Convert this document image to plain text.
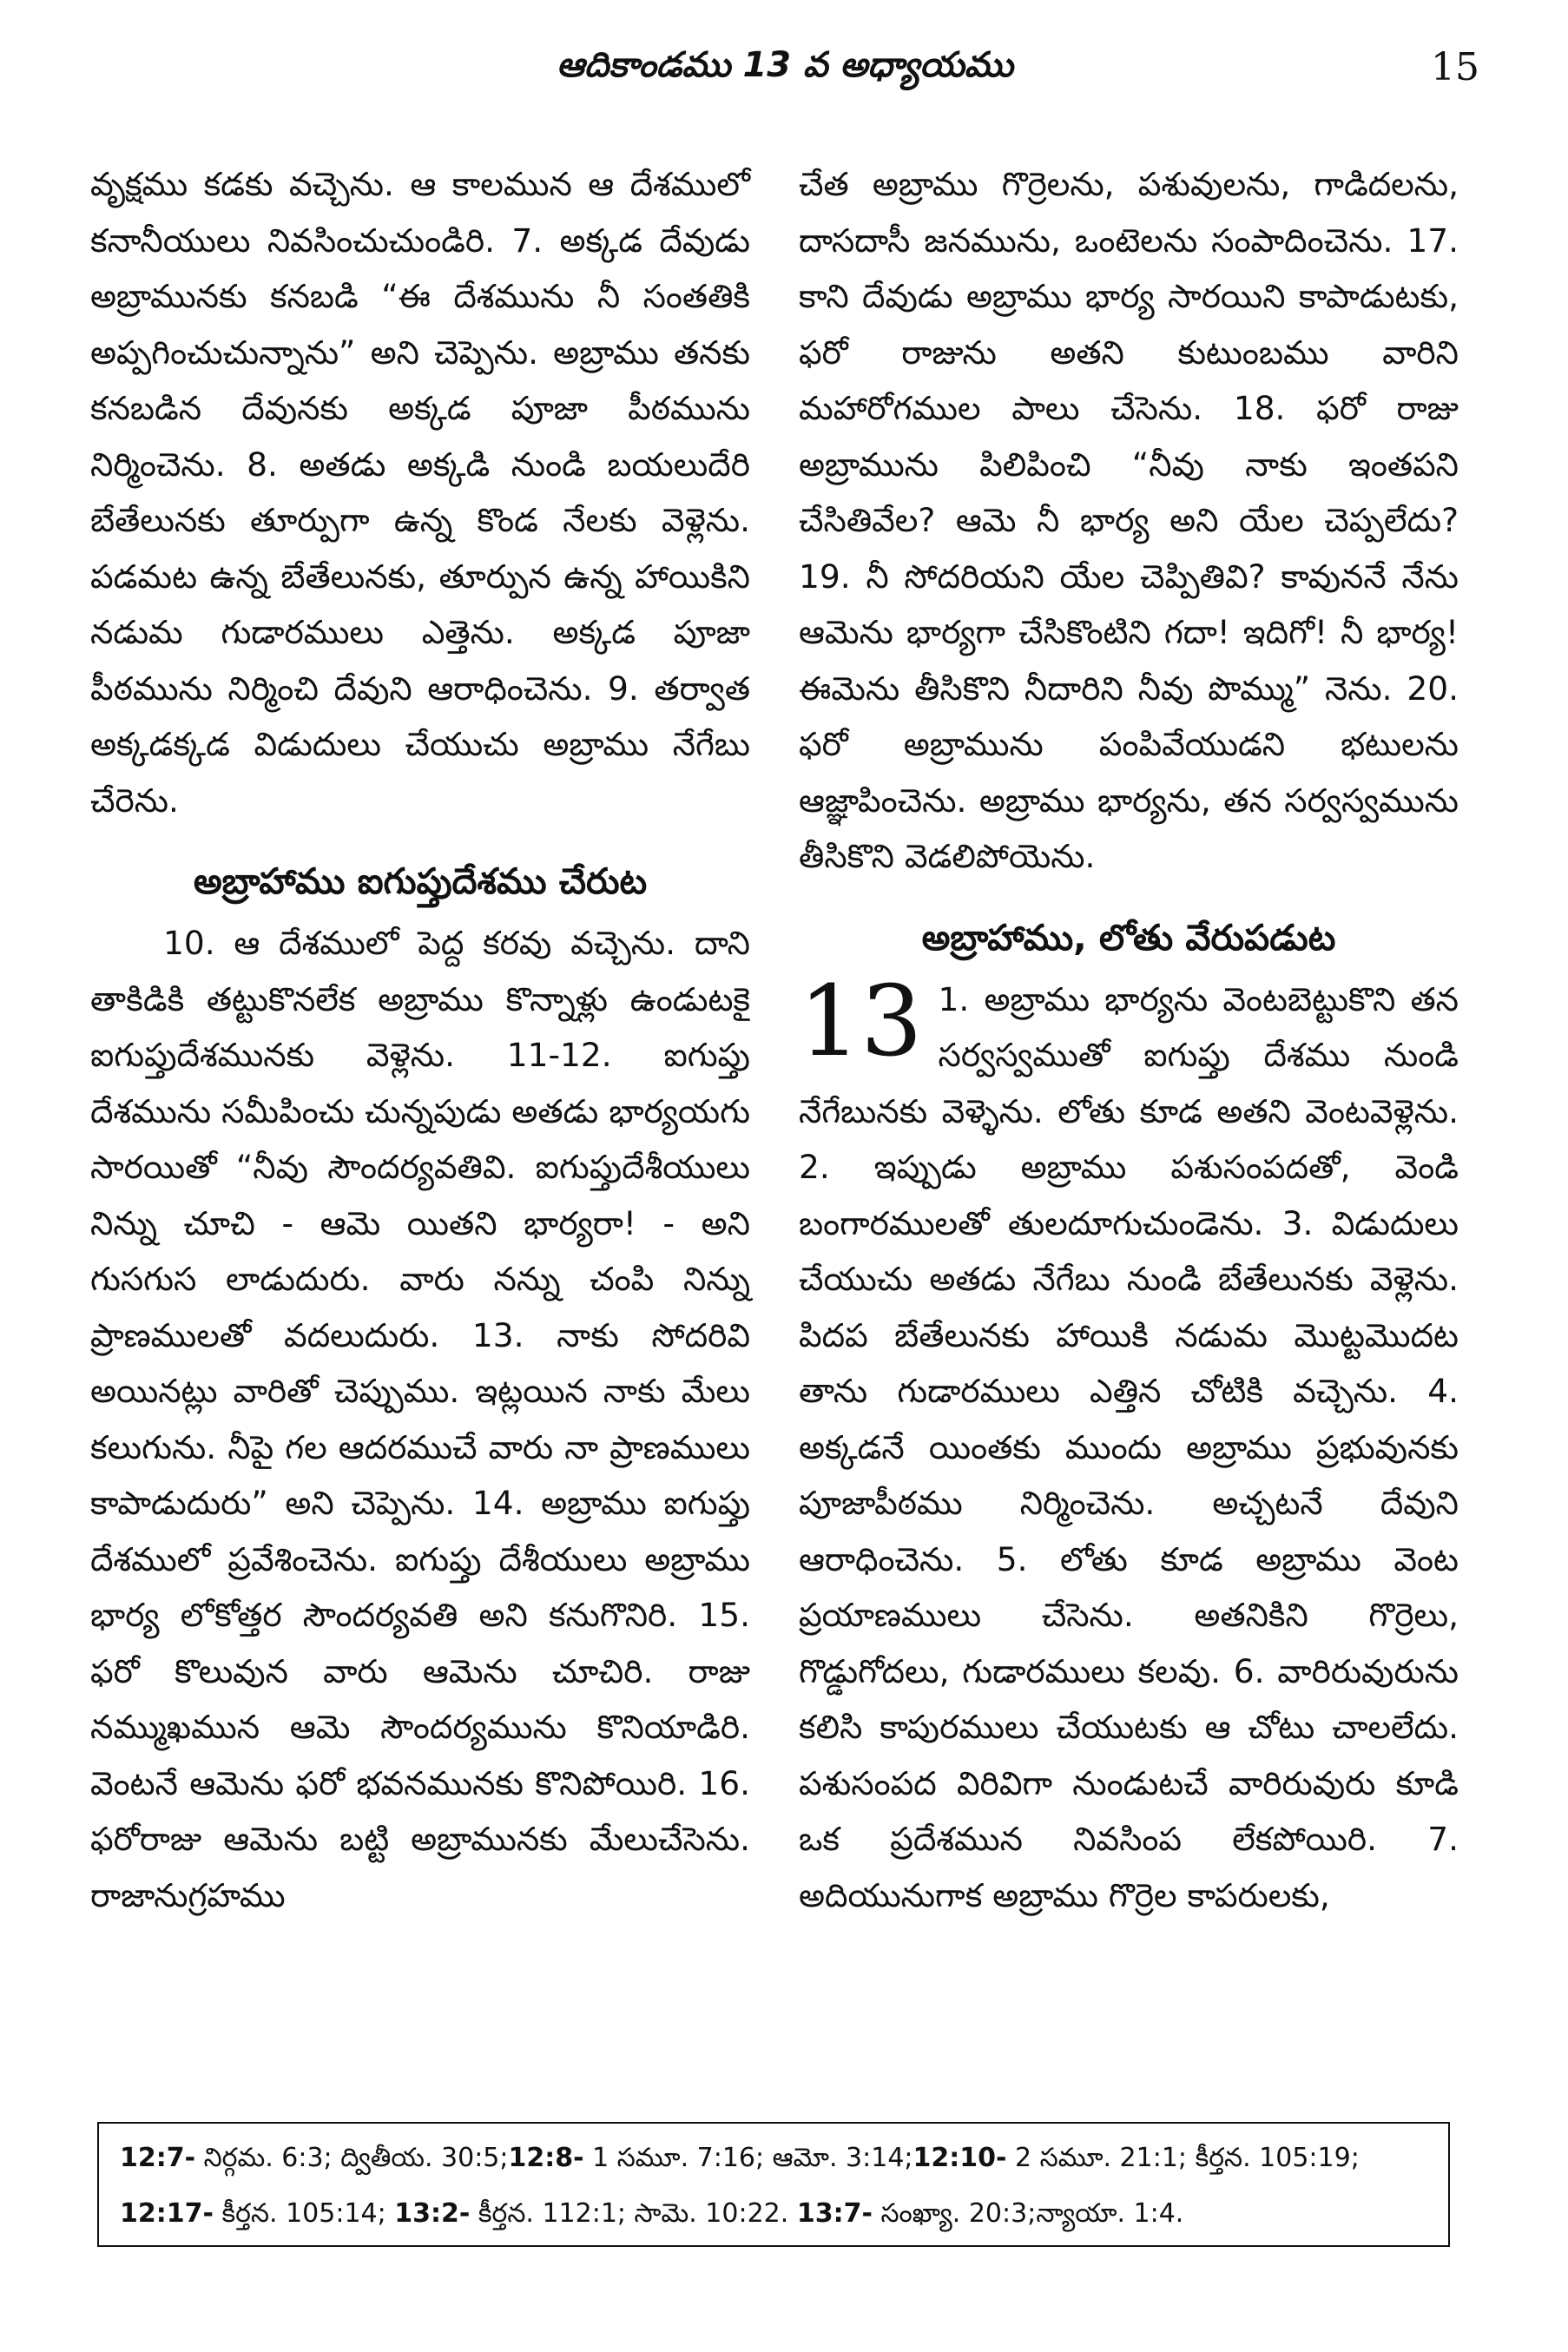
ఆదికాండము 13 వ అధ్యాయము	15

వృక్షము కడకు వచ్చెను. ఆ కాలమున ఆ దేశములో కనానీయులు నివసించుచుండిరి. 7. అక్కడ దేవుడు అబ్రామునకు కనబడి “ఈ దేశమును నీ సంతతికి అప్పగించుచున్నాను” అని చెప్పెను. అబ్రాము తనకు కనబడిన దేవునకు అక్కడ పూజా పీఠమును నిర్మించెను. 8. అతడు అక్కడి నుండి బయలుదేరి బేతేలునకు తూర్పుగా ఉన్న కొండ నేలకు వెళ్లెను. పడమట ఉన్న బేతేలునకు, తూర్పున ఉన్న హాయికిని నడుమ గుడారములు ఎత్తెను. అక్కడ పూజా పీఠమును నిర్మించి దేవుని ఆరాధించెను. 9. తర్వాత అక్కడక్కడ విడుదులు చేయుచు అబ్రాము నేగేబు చేరెను.

అబ్రాహాము ఐగుప్తుదేశము చేరుట

10. ఆ దేశములో పెద్ద కరవు వచ్చెను. దాని తాకిడికి తట్టుకొనలేక అబ్రాము కొన్నాళ్లు ఉండుటకై ఐగుప్తుదేశమునకు వెళ్లెను. 11-12. ఐగుప్తు దేశమును సమీపించు చున్నపుడు అతడు భార్యయగు సారయితో “నీవు సౌందర్యవతివి. ఐగుప్తుదేశీయులు నిన్ను చూచి - ఆమె యితని భార్యరా! - అని గుసగుస లాడుదురు. వారు నన్ను చంపి నిన్ను ప్రాణములతో వదలుదురు. 13. నాకు సోదరివి అయినట్లు వారితో చెప్పుము. ఇట్లయిన నాకు మేలు కలుగును. నీపై గల ఆదరముచే వారు నా ప్రాణములు కాపాడుదురు” అని చెప్పెను. 14. అబ్రాము ఐగుప్తు దేశములో ప్రవేశించెను. ఐగుప్తు దేశీయులు అబ్రాము భార్య లోకోత్తర సౌందర్యవతి అని కనుగొనిరి. 15. ఫరో కొలువున వారు ఆమెను చూచిరి. రాజు నమ్ముఖమున ఆమె సౌందర్యమును కొనియాడిరి. వెంటనే ఆమెను ఫరో భవనమునకు కొనిపోయిరి. 16. ఫరోరాజు ఆమెను బట్టి అబ్రామునకు మేలుచేసెను. రాజానుగ్రహము

చేత అబ్రాము గొర్రెలను, పశువులను, గాడిదలను, దాసదాసీ జనమును, ఒంటెలను సంపాదించెను. 17. కాని దేవుడు అబ్రాము భార్య సారయిని కాపాడుటకు, ఫరో రాజును అతని కుటుంబము వారిని మహారోగముల పాలు చేసెను. 18. ఫరో రాజు అబ్రామును పిలిపించి “నీవు నాకు ఇంతపని చేసితివేల? ఆమె నీ భార్య అని యేల చెప్పలేదు? 19. నీ సోదరియని యేల చెప్పితివి? కావుననే నేను ఆమెను భార్యగా చేసికొంటిని గదా! ఇదిగో! నీ భార్య! ఈమెను తీసికొని నీదారిని నీవు పొమ్ము” నెను. 20. ఫరో అబ్రామును పంపివేయుడని భటులను ఆజ్ఞాపించెను. అబ్రాము భార్యను, తన సర్వస్వమును తీసికొని వెడలిపోయెను.

అబ్రాహాము, లోతు వేరుపడుట

13 1. అబ్రాము భార్యను వెంటబెట్టుకొని తన సర్వస్వముతో ఐగుప్తు దేశము నుండి నేగేబునకు వెళ్ళెను. లోతు కూడ అతని వెంటవెళ్లెను. 2. ఇప్పుడు అబ్రాము పశుసంపదతో, వెండి బంగారములతో తులదూగుచుండెను. 3. విడుదులు చేయుచు అతడు నేగేబు నుండి బేతేలునకు వెళ్లెను. పిదప బేతేలునకు హాయికి నడుమ మొట్టమొదట తాను గుడారములు ఎత్తిన చోటికి వచ్చెను. 4. అక్కడనే యింతకు ముందు అబ్రాము ప్రభువునకు పూజాపీఠము నిర్మించెను. అచ్చటనే దేవుని ఆరాధించెను. 5. లోతు కూడ అబ్రాము వెంట ప్రయాణములు చేసెను. అతనికిని గొర్రెలు, గొడ్డుగోదలు, గుడారములు కలవు. 6. వారిరువురును కలిసి కాపురములు చేయుటకు ఆ చోటు చాలలేదు. పశుసంపద విరివిగా నుండుటచే వారిరువురు కూడి ఒక ప్రదేశమున నివసింప లేకపోయిరి. 7. అదియునుగాక అబ్రాము గొర్రెల కాపరులకు,

12:7- నిర్గమ. 6:3; ద్వితీయ. 30:5;12:8- 1 సమూ. 7:16; ఆమో. 3:14;12:10- 2 సమూ. 21:1; కీర్తన. 105:19; 12:17- కీర్తన. 105:14; 13:2- కీర్తన. 112:1; సామె. 10:22. 13:7- సంఖ్యా. 20:3;న్యాయా. 1:4.
